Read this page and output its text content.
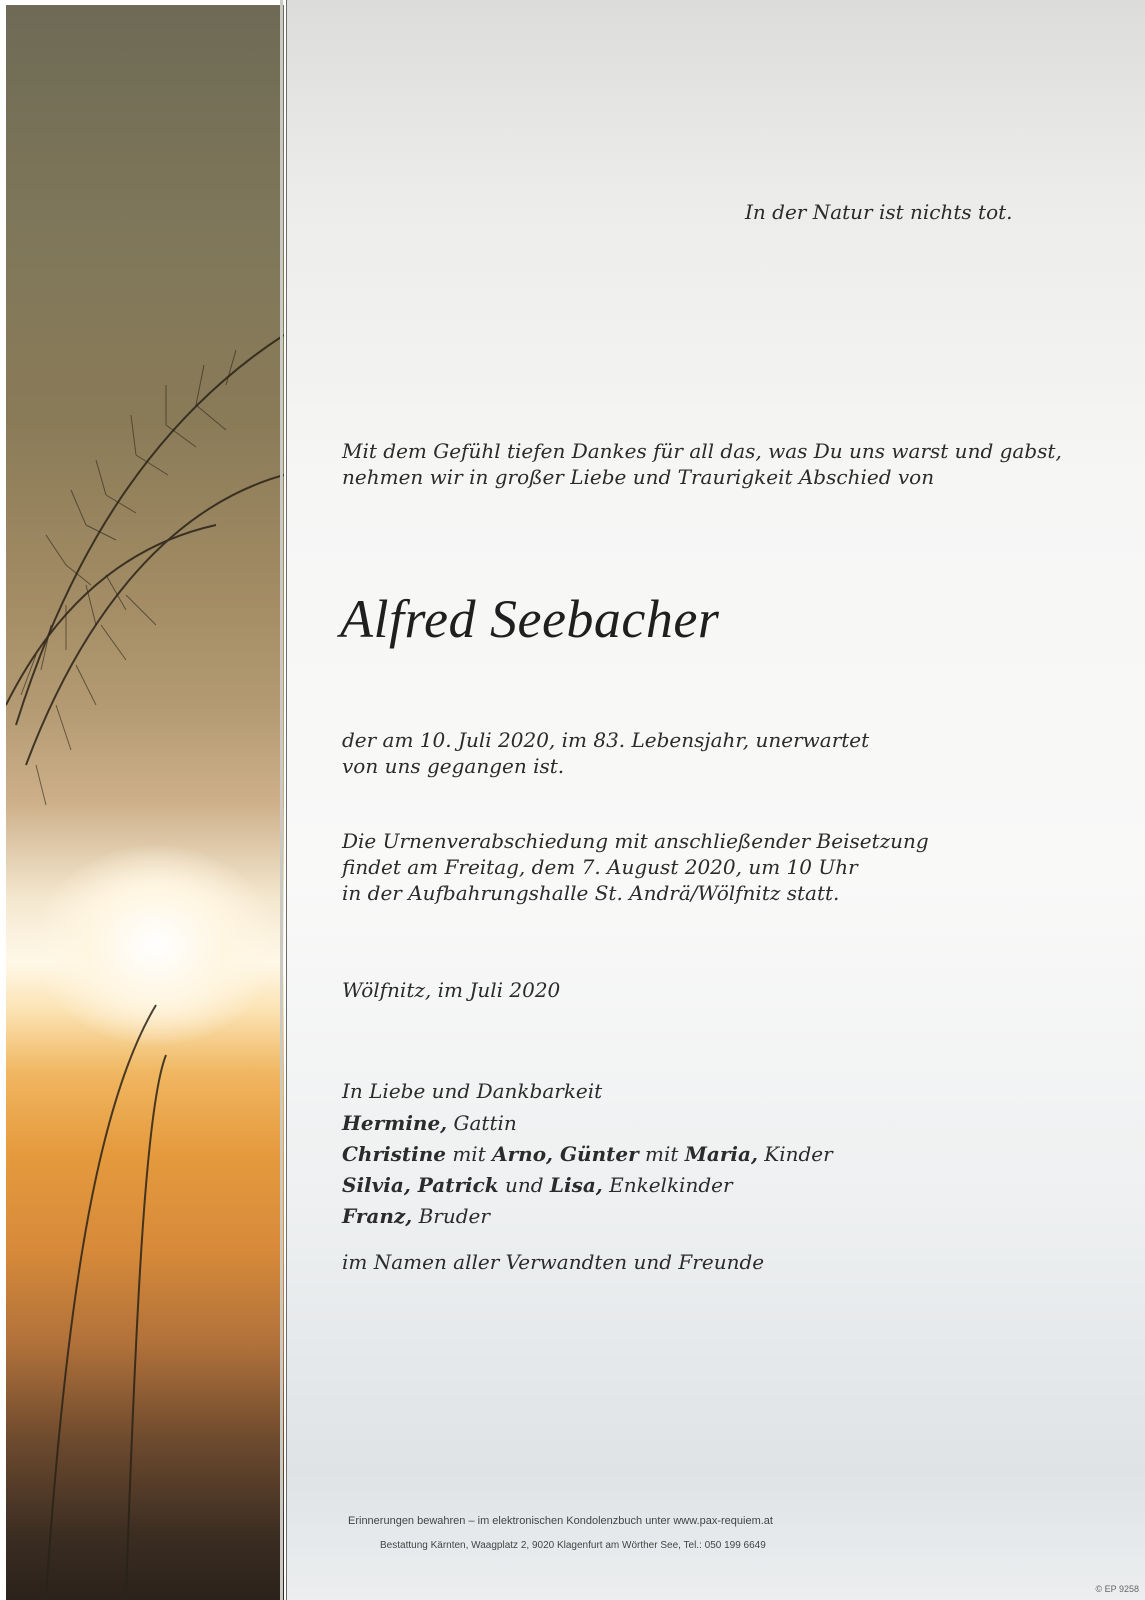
In der Natur ist nichts tot.
Mit dem Gefühl tiefen Dankes für all das, was Du uns warst und gabst,
nehmen wir in großer Liebe und Traurigkeit Abschied von
Alfred Seebacher
der am 10. Juli 2020, im 83. Lebensjahr, unerwartet
von uns gegangen ist.
Die Urnenverabschiedung mit anschließender Beisetzung
findet am Freitag, dem 7. August 2020, um 10 Uhr
in der Aufbahrungshalle St. Andrä/Wölfnitz statt.
Wölfnitz, im Juli 2020
In Liebe und Dankbarkeit
Hermine, Gattin
Christine mit Arno, Günter mit Maria, Kinder
Silvia, Patrick und Lisa, Enkelkinder
Franz, Bruder
im Namen aller Verwandten und Freunde
Erinnerungen bewahren – im elektronischen Kondolenzbuch unter www.pax-requiem.at
Bestattung Kärnten, Waagplatz 2, 9020 Klagenfurt am Wörther See, Tel.: 050 199 6649
© EP 9258
